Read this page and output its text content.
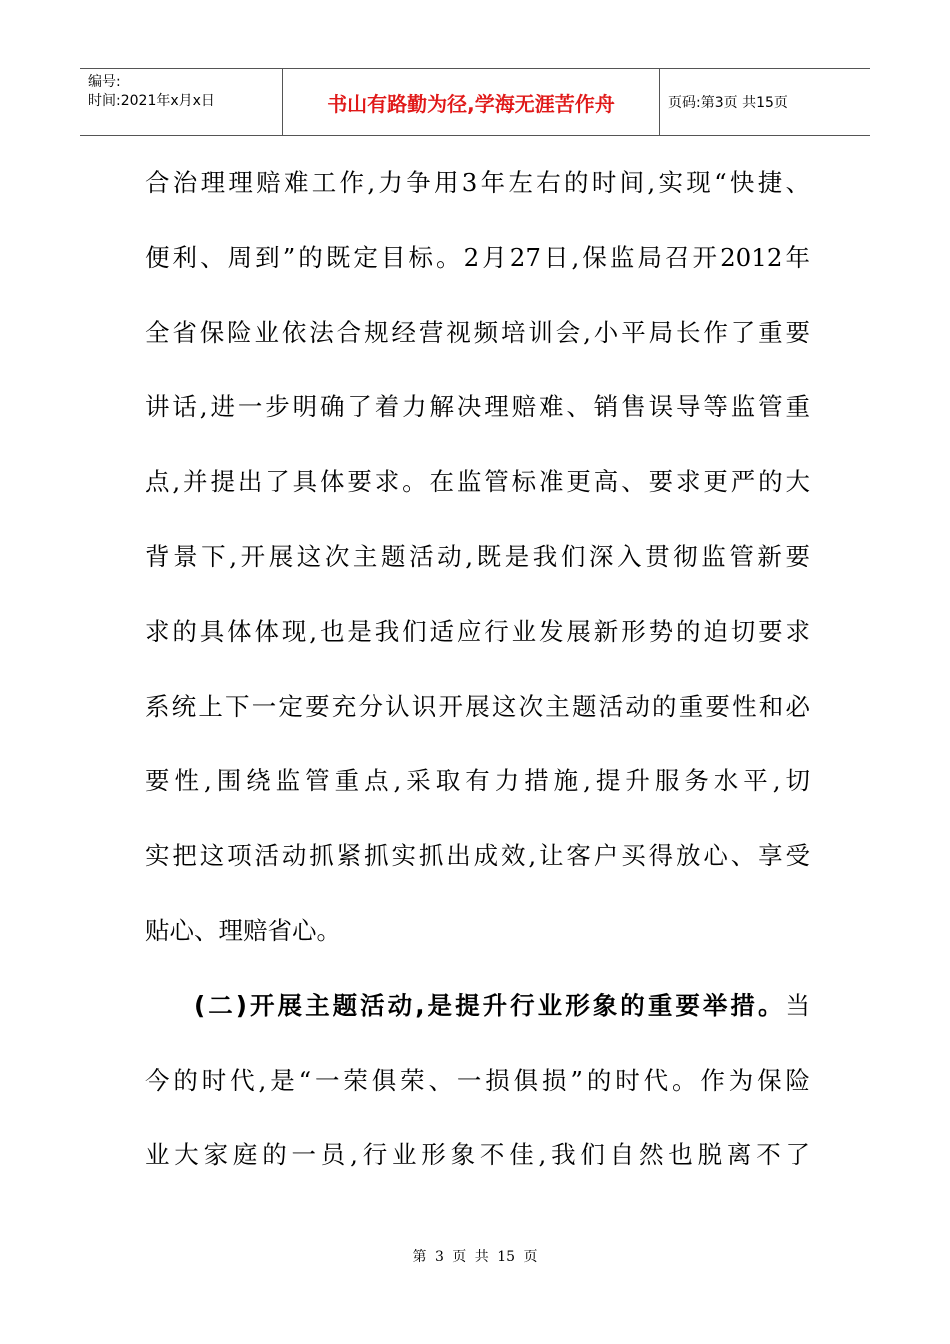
编号:
时间:2021年x月x日	书山有路勤为径,学海无涯苦作舟	页码:第3页 共15页
合治理理赔难工作,力争用3年左右的时间,实现“快捷、
便利、周到”的既定目标。2月27日,保监局召开2012年
全省保险业依法合规经营视频培训会,小平局长作了重要
讲话,进一步明确了着力解决理赔难、销售误导等监管重
点,并提出了具体要求。在监管标准更高、要求更严的大
背景下,开展这次主题活动,既是我们深入贯彻监管新要
求的具体体现,也是我们适应行业发展新形势的迫切要求
系统上下一定要充分认识开展这次主题活动的重要性和必
要性,围绕监管重点,采取有力措施,提升服务水平,切
实把这项活动抓紧抓实抓出成效,让客户买得放心、享受
贴心、理赔省心。
(二)开展主题活动,是提升行业形象的重要举措。当
今的时代,是“一荣俱荣、一损俱损”的时代。作为保险
业大家庭的一员,行业形象不佳,我们自然也脱离不了
第 3 页 共 15 页
